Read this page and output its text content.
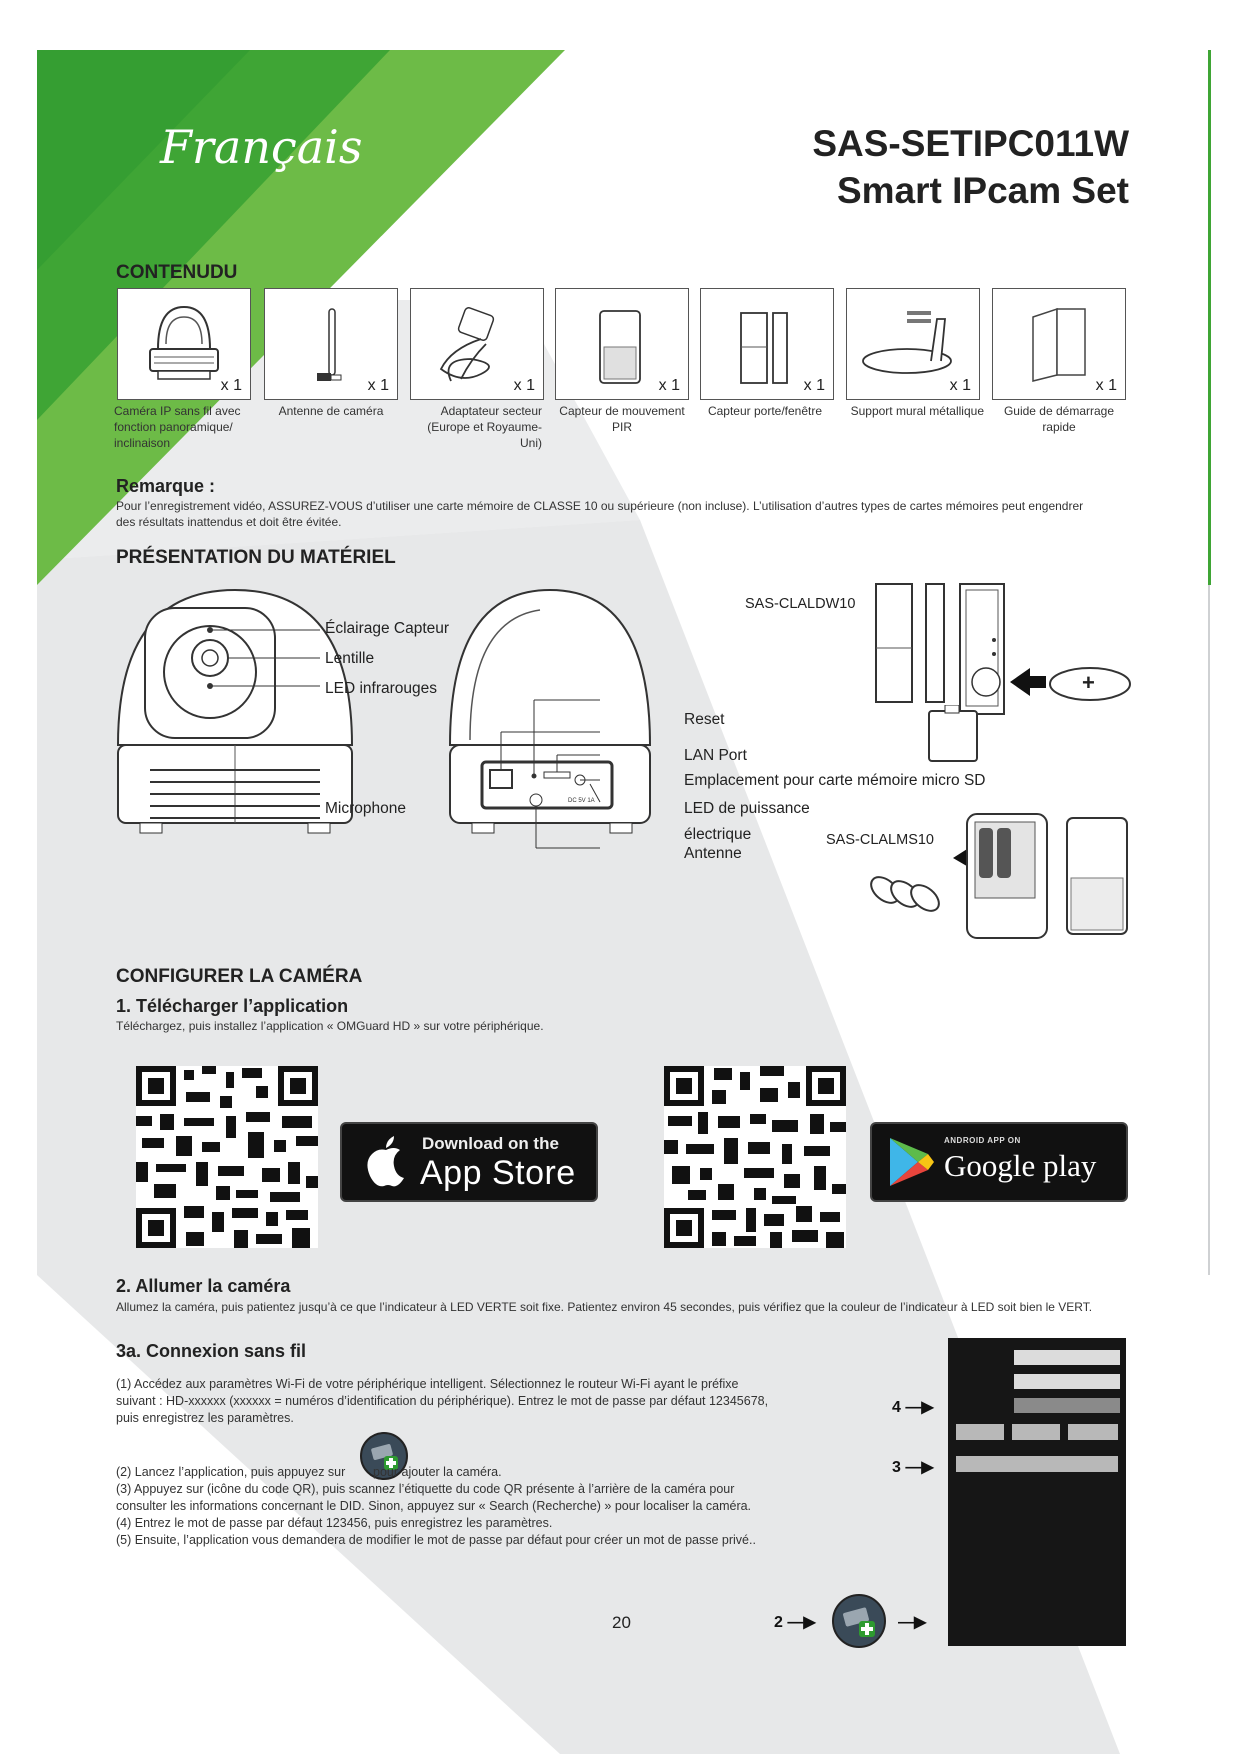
Français	SAS-SETIPC011W
Smart IPcam Set
CONTENUDU
x 1
Caméra IP sans fil avec fonction panoramique/ inclinaison
x 1
Antenne de caméra
x 1
Adaptateur secteur (Europe et Royaume-Uni)
x 1
Capteur de mouvement PIR
x 1
Capteur porte/fenêtre
x 1
Support mural métallique
x 1
Guide de démarrage rapide
Remarque :
Pour l’enregistrement vidéo, ASSUREZ-VOUS d’utiliser une carte mémoire de CLASSE 10 ou supérieure (non incluse). L’utilisation d’autres types de cartes mémoires peut engendrer des résultats inattendus et doit être évitée.
PRÉSENTATION DU MATÉRIEL
DC 5V 1A
Éclairage Capteur
Lentille
LED infrarouges
Microphone
Reset
LAN Port
Emplacement pour carte mémoire micro SD
LED de puissance
électrique
Antenne
SAS-CLALDW10
SAS-CLALMS10
+
CONFIGURER LA CAMÉRA
1. Télécharger l’application
Téléchargez, puis installez l’application « OMGuard HD » sur votre périphérique.
Download on the
App Store
ANDROID APP ON
Google play
2. Allumer la caméra
Allumez la caméra, puis patientez jusqu’à ce que l’indicateur à LED VERTE soit fixe. Patientez environ 45 secondes, puis vérifiez que la couleur de l’indicateur à LED soit bien le VERT.
3a. Connexion sans fil
(1) Accédez aux paramètres Wi-Fi de votre périphérique intelligent. Sélectionnez le routeur Wi-Fi ayant le préfixe suivant : HD-xxxxxx (xxxxxx = numéros d’identification du périphérique). Entrez le mot de passe par défaut 12345678, puis enregistrez les paramètres.
(2) Lancez l’application, puis appuyez sur pour ajouter la caméra.
(3) Appuyez sur (icône du code QR), puis scannez l’étiquette du code QR présente à l’arrière de la caméra pour consulter les informations concernant le DID. Sinon, appuyez sur « Search (Recherche) » pour localiser la caméra.
(4) Entrez le mot de passe par défaut 123456, puis enregistrez les paramètres.
(5) Ensuite, l’application vous demandera de modifier le mot de passe par défaut pour créer un mot de passe privé..
4 —▶
3 —▶
2 —▶	—▶
20
